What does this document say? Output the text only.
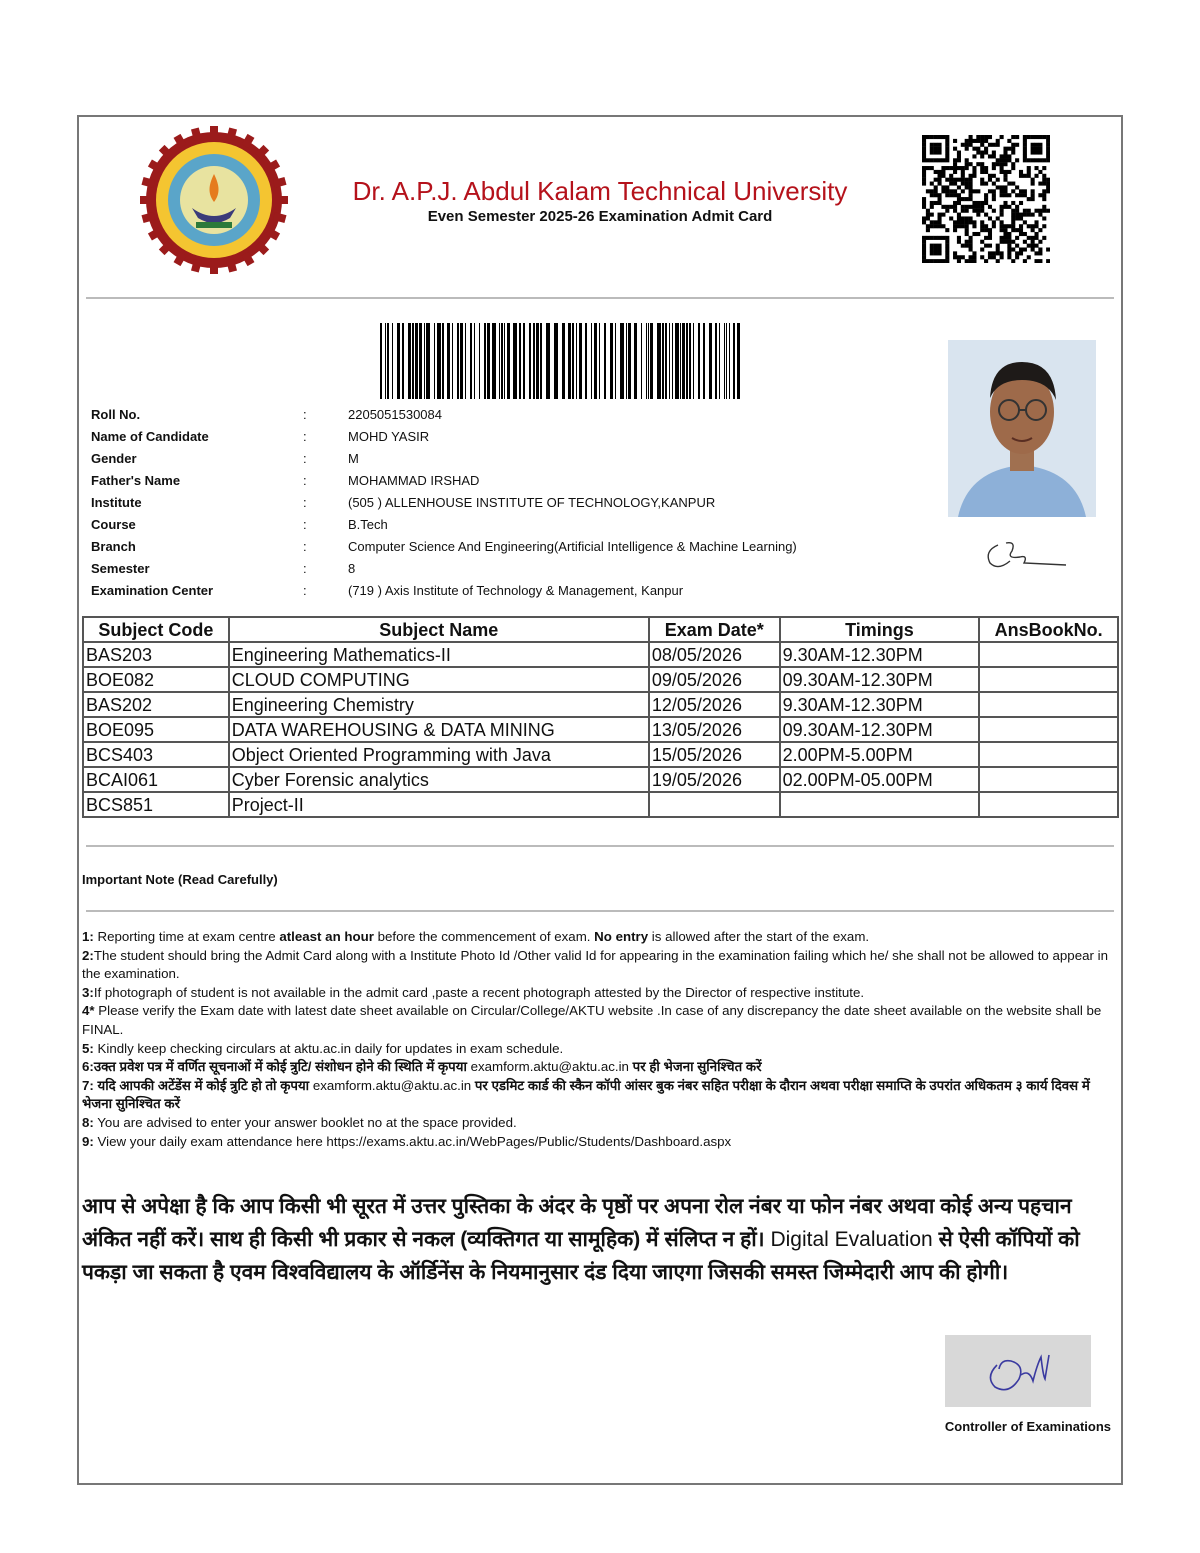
Dr. A.P.J. Abdul Kalam Technical University
Even Semester 2025-26 Examination Admit Card
Roll No.	:	2205051530084
Name of Candidate	:	MOHD YASIR
Gender	:	M
Father's Name	:	MOHAMMAD IRSHAD
Institute	:	(505 ) ALLENHOUSE INSTITUTE OF TECHNOLOGY,KANPUR
Course	:	B.Tech
Branch	:	Computer Science And Engineering(Artificial Intelligence & Machine Learning)
Semester	:	8
Examination Center	:	(719 ) Axis Institute of Technology & Management, Kanpur
Subject Code	Subject Name	Exam Date*	Timings	AnsBookNo.
BAS203	Engineering Mathematics-II	08/05/2026	9.30AM-12.30PM	
BOE082	CLOUD COMPUTING	09/05/2026	09.30AM-12.30PM	
BAS202	Engineering Chemistry	12/05/2026	9.30AM-12.30PM	
BOE095	DATA WAREHOUSING & DATA MINING	13/05/2026	09.30AM-12.30PM	
BCS403	Object Oriented Programming with Java	15/05/2026	2.00PM-5.00PM	
BCAI061	Cyber Forensic analytics	19/05/2026	02.00PM-05.00PM	
BCS851	Project-II			
Important Note (Read Carefully)

1: Reporting time at exam centre atleast an hour before the commencement of exam. No entry is allowed after the start of the exam.

2:The student should bring the Admit Card along with a Institute Photo Id /Other valid Id for appearing in the examination failing which he/ she shall not be allowed to appear in the examination.

3:If photograph of student is not available in the admit card ,paste a recent photograph attested by the Director of respective institute.

4* Please verify the Exam date with latest date sheet available on Circular/College/AKTU website .In case of any discrepancy the date sheet available on the website shall be FINAL.

5: Kindly keep checking circulars at aktu.ac.in daily for updates in exam schedule.

6:उक्त प्रवेश पत्र में वर्णित सूचनाओं में कोई त्रुटि/ संशोधन होने की स्थिति में कृपया examform.aktu@aktu.ac.in पर ही भेजना सुनिश्चित करें

7: यदि आपकी अटेंडेंस में कोई त्रुटि हो तो कृपया examform.aktu@aktu.ac.in पर एडमिट कार्ड की स्कैन कॉपी आंसर बुक नंबर सहित परीक्षा के दौरान अथवा परीक्षा समाप्ति के उपरांत अधिकतम ३ कार्य दिवस में भेजना सुनिश्चित करें

8: You are advised to enter your answer booklet no at the space provided.

9: View your daily exam attendance here https://exams.aktu.ac.in/WebPages/Public/Students/Dashboard.aspx

आप से अपेक्षा है कि आप किसी भी सूरत में उत्तर पुस्तिका के अंदर के पृष्ठों पर अपना रोल नंबर या फोन नंबर अथवा कोई अन्य पहचान अंकित नहीं करें। साथ ही किसी भी प्रकार से नकल (व्यक्तिगत या सामूहिक) में संलिप्त न हों। Digital Evaluation से ऐसी कॉपियों को पकड़ा जा सकता है एवम विश्वविद्यालय के ऑर्डिनेंस के नियमानुसार दंड दिया जाएगा जिसकी समस्त जिम्मेदारी आप की होगी।
Controller of Examinations
